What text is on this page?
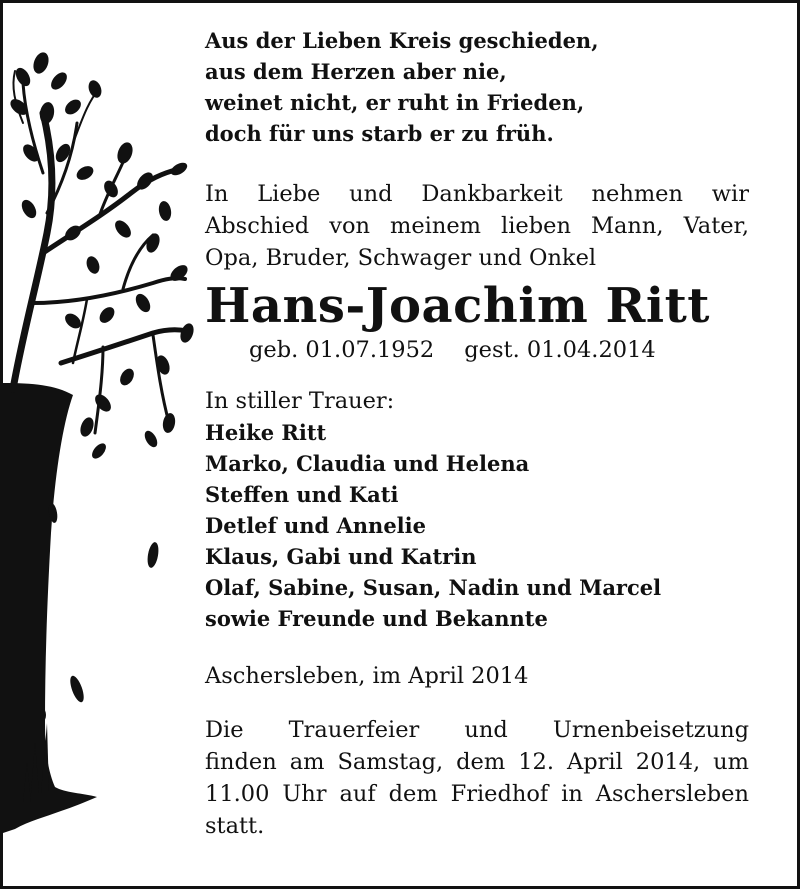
Aus der Lieben Kreis geschieden,
aus dem Herzen aber nie,
weinet nicht, er ruht in Frieden,
doch für uns starb er zu früh.
In Liebe und Dankbarkeit nehmen wir
Abschied von meinem lieben Mann, Vater,
Opa, Bruder, Schwager und Onkel
Hans-Joachim Ritt
geb. 01.07.1952 gest. 01.04.2014
In stiller Trauer:
Heike Ritt
Marko, Claudia und Helena
Steffen und Kati
Detlef und Annelie
Klaus, Gabi und Katrin
Olaf, Sabine, Susan, Nadin und Marcel
sowie Freunde und Bekannte
Aschersleben, im April 2014
Die Trauerfeier und Urnenbeisetzung
finden am Samstag, dem 12. April 2014, um
11.00 Uhr auf dem Friedhof in Aschersleben
statt.
